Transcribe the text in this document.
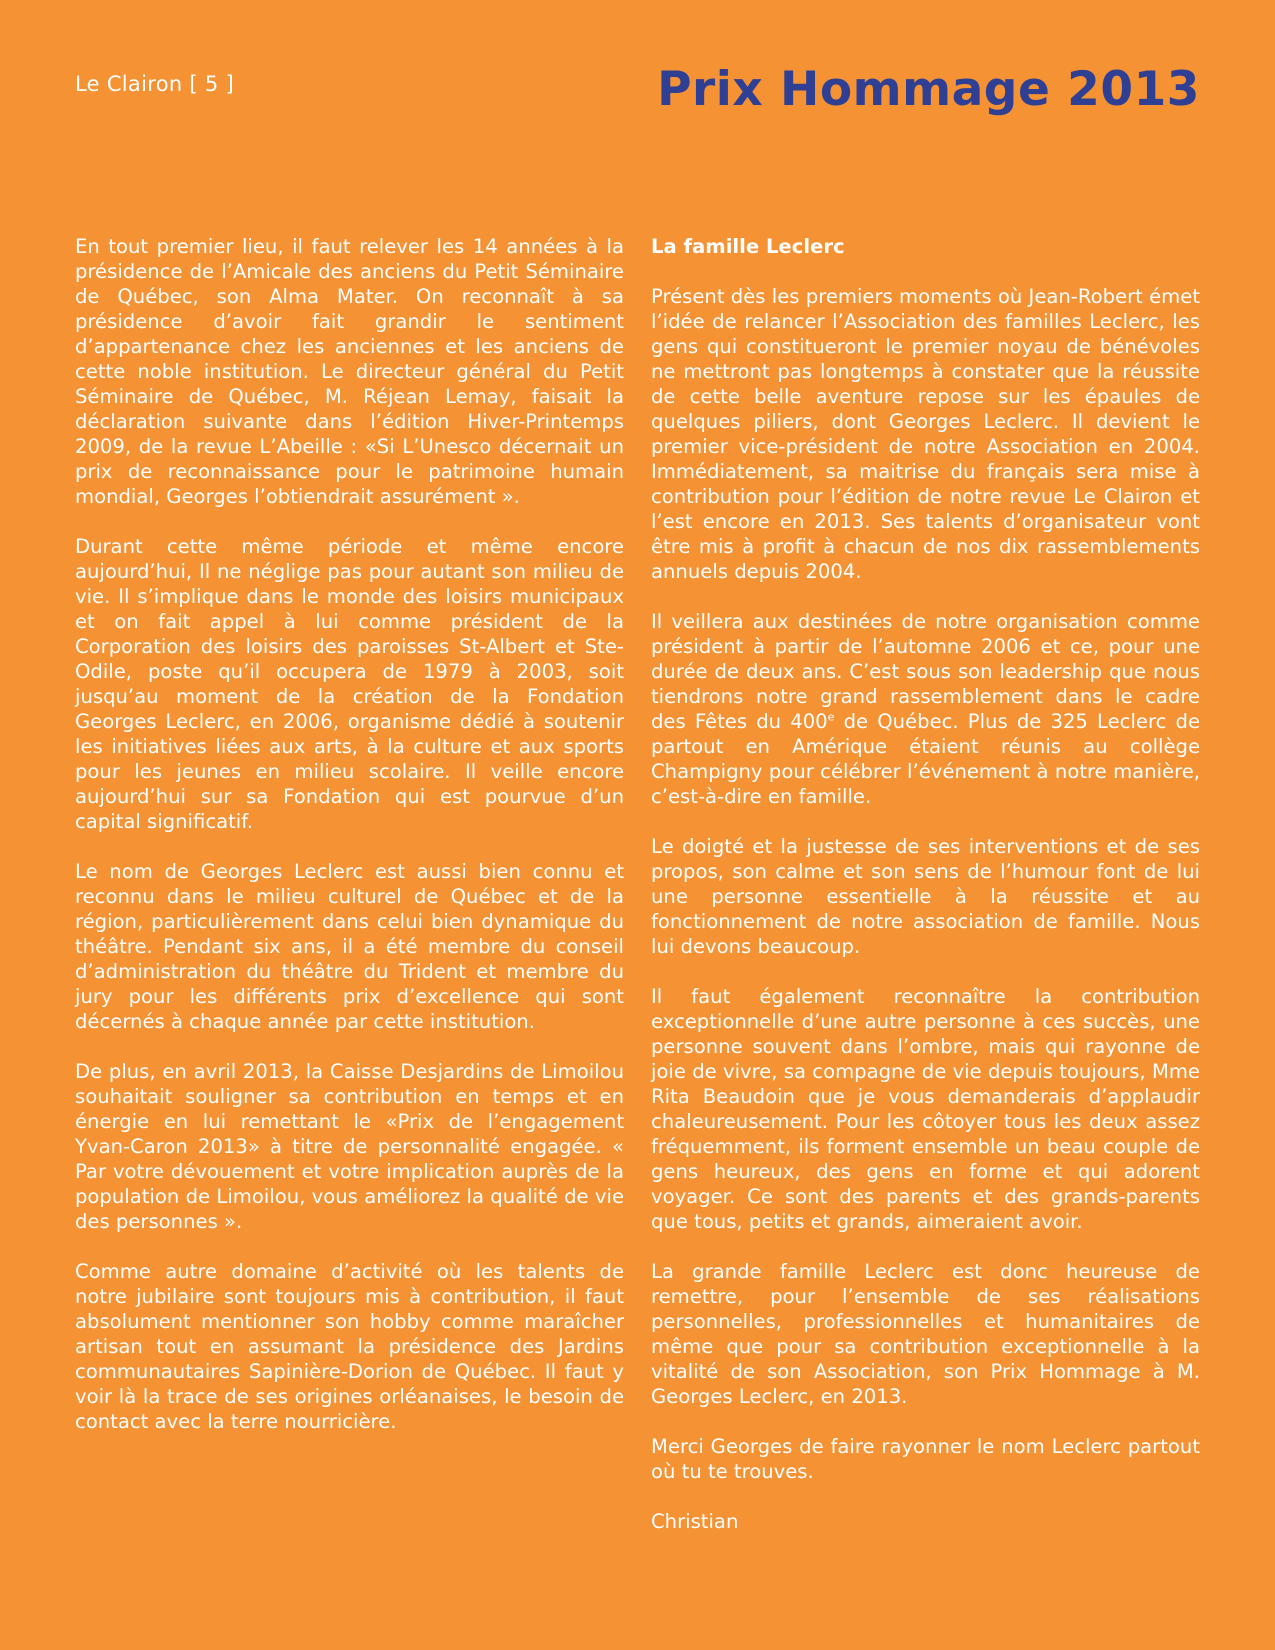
Le Clairon [ 5 ]	Prix Hommage 2013

En tout premier lieu, il faut relever les 14 années à la présidence de l’Amicale des anciens du Petit Séminaire de Québec, son Alma Mater. On reconnaît à sa présidence d’avoir fait grandir le sentiment d’appartenance chez les anciennes et les anciens de cette noble institution. Le directeur général du Petit Séminaire de Québec, M. Réjean Lemay, faisait la déclaration suivante dans l’édition Hiver-Printemps 2009, de la revue L’Abeille : «Si L’Unesco décernait un prix de reconnaissance pour le patrimoine humain mondial, Georges l’obtiendrait assurément ».

Durant cette même période et même encore aujourd’hui, Il ne néglige pas pour autant son milieu de vie. Il s’implique dans le monde des loisirs municipaux et on fait appel à lui comme président de la Corporation des loisirs des paroisses St-Albert et Ste-Odile, poste qu’il occupera de 1979 à 2003, soit jusqu’au moment de la création de la Fondation Georges Leclerc, en 2006, organisme dédié à soutenir les initiatives liées aux arts, à la culture et aux sports pour les jeunes en milieu scolaire. Il veille encore aujourd’hui sur sa Fondation qui est pourvue d’un capital significatif.

Le nom de Georges Leclerc est aussi bien connu et reconnu dans le milieu culturel de Québec et de la région, particulièrement dans celui bien dynamique du théâtre. Pendant six ans, il a été membre du conseil d’administration du théâtre du Trident et membre du jury pour les différents prix d’excellence qui sont décernés à chaque année par cette institution.

De plus, en avril 2013, la Caisse Desjardins de Limoilou souhaitait souligner sa contribution en temps et en énergie en lui remettant le «Prix de l’engagement Yvan-Caron 2013» à titre de personnalité engagée. « Par votre dévouement et votre implication auprès de la population de Limoilou, vous améliorez la qualité de vie des personnes ».

Comme autre domaine d’activité où les talents de notre jubilaire sont toujours mis à contribution, il faut absolument mentionner son hobby comme maraîcher artisan tout en assumant la présidence des Jardins communautaires Sapinière-Dorion de Québec. Il faut y voir là la trace de ses origines orléanaises, le besoin de contact avec la terre nourricière.

La famille Leclerc

Présent dès les premiers moments où Jean-Robert émet l’idée de relancer l’Association des familles Leclerc, les gens qui constitueront le premier noyau de bénévoles ne mettront pas longtemps à constater que la réussite de cette belle aventure repose sur les épaules de quelques piliers, dont Georges Leclerc. Il devient le premier vice-président de notre Association en 2004. Immédiatement, sa maitrise du français sera mise à contribution pour l’édition de notre revue Le Clairon et l’est encore en 2013. Ses talents d’organisateur vont être mis à profit à chacun de nos dix rassemblements annuels depuis 2004.

Il veillera aux destinées de notre organisation comme président à partir de l’automne 2006 et ce, pour une durée de deux ans. C’est sous son leadership que nous tiendrons notre grand rassemblement dans le cadre des Fêtes du 400e de Québec. Plus de 325 Leclerc de partout en Amérique étaient réunis au collège Champigny pour célébrer l’événement à notre manière, c’est-à-dire en famille.

Le doigté et la justesse de ses interventions et de ses propos, son calme et son sens de l’humour font de lui une personne essentielle à la réussite et au fonctionnement de notre association de famille. Nous lui devons beaucoup.

Il faut également reconnaître la contribution exceptionnelle d’une autre personne à ces succès, une personne souvent dans l’ombre, mais qui rayonne de joie de vivre, sa compagne de vie depuis toujours, Mme Rita Beaudoin que je vous demanderais d’applaudir chaleureusement. Pour les côtoyer tous les deux assez fréquemment, ils forment ensemble un beau couple de gens heureux, des gens en forme et qui adorent voyager. Ce sont des parents et des grands-parents que tous, petits et grands, aimeraient avoir.

La grande famille Leclerc est donc heureuse de remettre, pour l’ensemble de ses réalisations personnelles, professionnelles et humanitaires de même que pour sa contribution exceptionnelle à la vitalité de son Association, son Prix Hommage à M. Georges Leclerc, en 2013.

Merci Georges de faire rayonner le nom Leclerc partout où tu te trouves.

Christian
